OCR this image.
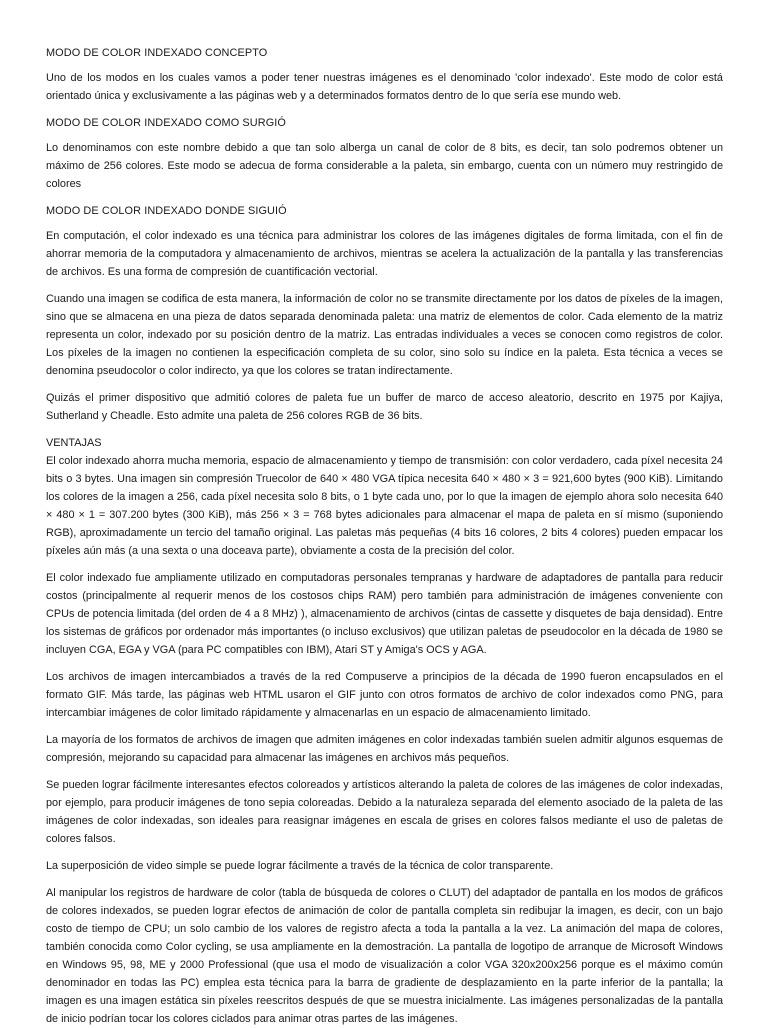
MODO DE COLOR INDEXADO CONCEPTO

Uno de los modos en los cuales vamos a poder tener nuestras imágenes es el denominado 'color indexado'. Este modo de color está orientado única y exclusivamente a las páginas web y a determinados formatos dentro de lo que sería ese mundo web.

MODO DE COLOR INDEXADO COMO SURGIÓ

Lo denominamos con este nombre debido a que tan solo alberga un canal de color de 8 bits, es decir, tan solo podremos obtener un máximo de 256 colores. Este modo se adecua de forma considerable a la paleta, sin embargo, cuenta con un número muy restringido de colores

MODO DE COLOR INDEXADO DONDE SIGUIÓ

En computación, el color indexado es una técnica para administrar los colores de las imágenes digitales de forma limitada, con el fin de ahorrar memoria de la computadora y almacenamiento de archivos, mientras se acelera la actualización de la pantalla y las transferencias de archivos. Es una forma de compresión de cuantificación vectorial.

Cuando una imagen se codifica de esta manera, la información de color no se transmite directamente por los datos de píxeles de la imagen, sino que se almacena en una pieza de datos separada denominada paleta: una matriz de elementos de color. Cada elemento de la matriz representa un color, indexado por su posición dentro de la matriz. Las entradas individuales a veces se conocen como registros de color. Los píxeles de la imagen no contienen la especificación completa de su color, sino solo su índice en la paleta. Esta técnica a veces se denomina pseudocolor o color indirecto, ya que los colores se tratan indirectamente.

Quizás el primer dispositivo que admitió colores de paleta fue un buffer de marco de acceso aleatorio, descrito en 1975 por Kajiya, Sutherland y Cheadle. Esto admite una paleta de 256 colores RGB de 36 bits.

VENTAJAS
El color indexado ahorra mucha memoria, espacio de almacenamiento y tiempo de transmisión: con color verdadero, cada píxel necesita 24 bits o 3 bytes. Una imagen sin compresión Truecolor de 640 × 480 VGA típica necesita 640 × 480 × 3 = 921,600 bytes (900 KiB). Limitando los colores de la imagen a 256, cada píxel necesita solo 8 bits, o 1 byte cada uno, por lo que la imagen de ejemplo ahora solo necesita 640 × 480 × 1 = 307.200 bytes (300 KiB), más 256 × 3 = 768 bytes adicionales para almacenar el mapa de paleta en sí mismo (suponiendo RGB), aproximadamente un tercio del tamaño original. Las paletas más pequeñas (4 bits 16 colores, 2 bits 4 colores) pueden empacar los píxeles aún más (a una sexta o una doceava parte), obviamente a costa de la precisión del color.

El color indexado fue ampliamente utilizado en computadoras personales tempranas y hardware de adaptadores de pantalla para reducir costos (principalmente al requerir menos de los costosos chips RAM) pero también para administración de imágenes conveniente con CPUs de potencia limitada (del orden de 4 a 8 MHz) ), almacenamiento de archivos (cintas de cassette y disquetes de baja densidad). Entre los sistemas de gráficos por ordenador más importantes (o incluso exclusivos) que utilizan paletas de pseudocolor en la década de 1980 se incluyen CGA, EGA y VGA (para PC compatibles con IBM), Atari ST y Amiga's OCS y AGA.

Los archivos de imagen intercambiados a través de la red Compuserve a principios de la década de 1990 fueron encapsulados en el formato GIF. Más tarde, las páginas web HTML usaron el GIF junto con otros formatos de archivo de color indexados como PNG, para intercambiar imágenes de color limitado rápidamente y almacenarlas en un espacio de almacenamiento limitado.

La mayoría de los formatos de archivos de imagen que admiten imágenes en color indexadas también suelen admitir algunos esquemas de compresión, mejorando su capacidad para almacenar las imágenes en archivos más pequeños.

Se pueden lograr fácilmente interesantes efectos coloreados y artísticos alterando la paleta de colores de las imágenes de color indexadas, por ejemplo, para producir imágenes de tono sepia coloreadas. Debido a la naturaleza separada del elemento asociado de la paleta de las imágenes de color indexadas, son ideales para reasignar imágenes en escala de grises en colores falsos mediante el uso de paletas de colores falsos.

La superposición de video simple se puede lograr fácilmente a través de la técnica de color transparente.

Al manipular los registros de hardware de color (tabla de búsqueda de colores o CLUT) del adaptador de pantalla en los modos de gráficos de colores indexados, se pueden lograr efectos de animación de color de pantalla completa sin redibujar la imagen, es decir, con un bajo costo de tiempo de CPU; un solo cambio de los valores de registro afecta a toda la pantalla a la vez. La animación del mapa de colores, también conocida como Color cycling, se usa ampliamente en la demostración. La pantalla de logotipo de arranque de Microsoft Windows en Windows 95, 98, ME y 2000 Professional (que usa el modo de visualización a color VGA 320x200x256 porque es el máximo común denominador en todas las PC) emplea esta técnica para la barra de gradiente de desplazamiento en la parte inferior de la pantalla; la imagen es una imagen estática sin píxeles reescritos después de que se muestra inicialmente. Las imágenes personalizadas de la pantalla de inicio podrían tocar los colores ciclados para animar otras partes de las imágenes.
